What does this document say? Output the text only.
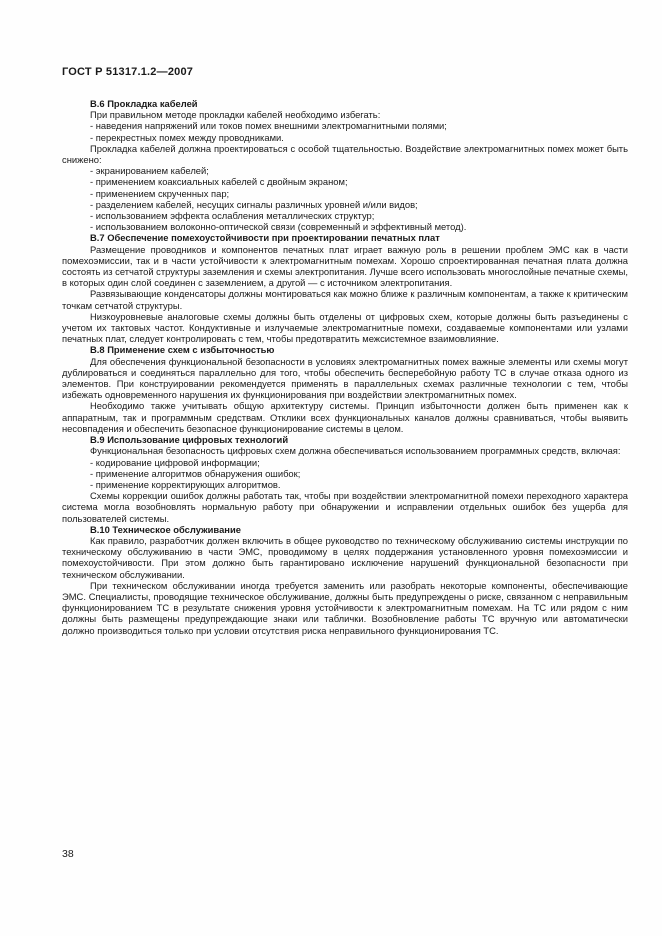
ГОСТ Р 51317.1.2—2007

B.6 Прокладка кабелей

При правильном методе прокладки кабелей необходимо избегать:

- наведения напряжений или токов помех внешними электромагнитными полями;

- перекрестных помех между проводниками.

Прокладка кабелей должна проектироваться с особой тщательностью. Воздействие электромагнитных помех может быть снижено:

- экранированием кабелей;

- применением коаксиальных кабелей с двойным экраном;

- применением скрученных пар;

- разделением кабелей, несущих сигналы различных уровней и/или видов;

- использованием эффекта ослабления металлических структур;

- использованием волоконно-оптической связи (современный и эффективный метод).

B.7 Обеспечение помехоустойчивости при проектировании печатных плат

Размещение проводников и компонентов печатных плат играет важную роль в решении проблем ЭМС как в части помехоэмиссии, так и в части устойчивости к электромагнитным помехам. Хорошо спроектированная печатная плата должна состоять из сетчатой структуры заземления и схемы электропитания. Лучше всего использовать многослойные печатные схемы, в которых один слой соединен с заземлением, а другой — с источником электропитания.

Развязывающие конденсаторы должны монтироваться как можно ближе к различным компонентам, а также к критическим точкам сетчатой структуры.

Низкоуровневые аналоговые схемы должны быть отделены от цифровых схем, которые должны быть разъединены с учетом их тактовых частот. Кондуктивные и излучаемые электромагнитные помехи, создаваемые компонентами или узлами печатных плат, следует контролировать с тем, чтобы предотвратить межсистемное взаимовлияние.

B.8 Применение схем с избыточностью

Для обеспечения функциональной безопасности в условиях электромагнитных помех важные элементы или схемы могут дублироваться и соединяться параллельно для того, чтобы обеспечить бесперебойную работу ТС в случае отказа одного из элементов. При конструировании рекомендуется применять в параллельных схемах различные технологии с тем, чтобы избежать одновременного нарушения их функционирования при воздействии электромагнитных помех.

Необходимо также учитывать общую архитектуру системы. Принцип избыточности должен быть применен как к аппаратным, так и программным средствам. Отклики всех функциональных каналов должны сравниваться, чтобы выявить несовпадения и обеспечить безопасное функционирование системы в целом.

B.9 Использование цифровых технологий

Функциональная безопасность цифровых схем должна обеспечиваться использованием программных средств, включая:

- кодирование цифровой информации;

- применение алгоритмов обнаружения ошибок;

- применение корректирующих алгоритмов.

Схемы коррекции ошибок должны работать так, чтобы при воздействии электромагнитной помехи переходного характера система могла возобновлять нормальную работу при обнаружении и исправлении отдельных ошибок без ущерба для пользователей системы.

B.10 Техническое обслуживание

Как правило, разработчик должен включить в общее руководство по техническому обслуживанию системы инструкции по техническому обслуживанию в части ЭМС, проводимому в целях поддержания установленного уровня помехоэмиссии и помехоустойчивости. При этом должно быть гарантировано исключение нарушений функциональной безопасности при техническом обслуживании.

При техническом обслуживании иногда требуется заменить или разобрать некоторые компоненты, обеспечивающие ЭМС. Специалисты, проводящие техническое обслуживание, должны быть предупреждены о риске, связанном с неправильным функционированием ТС в результате снижения уровня устойчивости к электромагнитным помехам. На ТС или рядом с ним должны быть размещены предупреждающие знаки или таблички. Возобновление работы ТС вручную или автоматически должно производиться только при условии отсутствия риска неправильного функционирования ТС.

38
